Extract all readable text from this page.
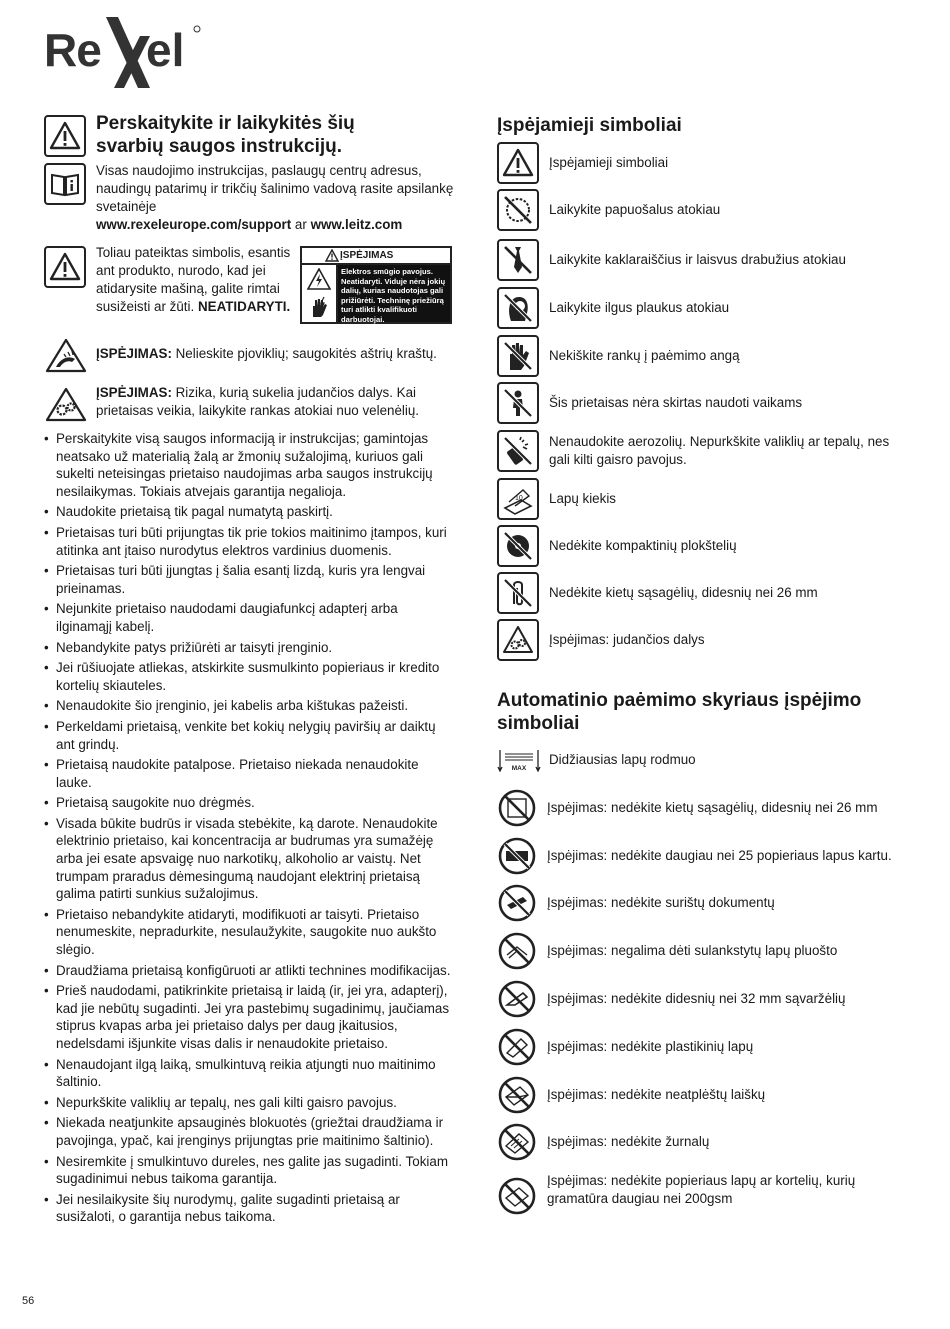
Re el
Perskaitykite ir laikykitės šių svarbių saugos instrukcijų.
Visas naudojimo instrukcijas, paslaugų centrų adresus, naudingų patarimų ir trikčių šalinimo vadovą rasite apsilankę svetainėje
www.rexeleurope.com/support ar www.leitz.com
Toliau pateiktas simbolis, esantis ant produkto, nurodo, kad jei atidarysite mašiną, galite rimtai susižeisti ar žūti. NEATIDARYTI.
ĮSPĖJIMAS
Elektros smūgio pavojus. Neatidaryti. Viduje nėra jokių dalių, kurias naudotojas gali prižiūrėti. Techninę priežiūrą turi atlikti kvalifikuoti darbuotojai.
ĮSPĖJIMAS: Nelieskite pjoviklių; saugokitės aštrių kraštų.
ĮSPĖJIMAS: Rizika, kurią sukelia judančios dalys. Kai prietaisas veikia, laikykite rankas atokiai nuo velenėlių.
• Perskaitykite visą saugos informaciją ir instrukcijas; gamintojas neatsako už materialią žalą ar žmonių sužalojimą, kuriuos gali sukelti neteisingas prietaiso naudojimas arba saugos instrukcijų nesilaikymas. Tokiais atvejais garantija negalioja.
• Naudokite prietaisą tik pagal numatytą paskirtį.
• Prietaisas turi būti prijungtas tik prie tokios maitinimo įtampos, kuri atitinka ant įtaiso nurodytus elektros vardinius duomenis.
• Prietaisas turi būti įjungtas į šalia esantį lizdą, kuris yra lengvai prieinamas.
• Nejunkite prietaiso naudodami daugiafunkcį adapterį arba ilginamąjį kabelį.
• Nebandykite patys prižiūrėti ar taisyti įrenginio.
• Jei rūšiuojate atliekas, atskirkite susmulkinto popieriaus ir kredito kortelių skiauteles.
• Nenaudokite šio įrenginio, jei kabelis arba kištukas pažeisti.
• Perkeldami prietaisą, venkite bet kokių nelygių paviršių ar daiktų ant grindų.
• Prietaisą naudokite patalpose. Prietaiso niekada nenaudokite lauke.
• Prietaisą saugokite nuo drėgmės.
• Visada būkite budrūs ir visada stebėkite, ką darote. Nenaudokite elektrinio prietaiso, kai koncentracija ar budrumas yra sumažėję arba jei esate apsvaigę nuo narkotikų, alkoholio ar vaistų. Net trumpam praradus dėmesingumą naudojant elektrinį prietaisą galima patirti sunkius sužalojimus.
• Prietaiso nebandykite atidaryti, modifikuoti ar taisyti. Prietaiso nenumeskite, nepradurkite, nesulaužykite, saugokite nuo aukšto slėgio.
• Draudžiama prietaisą konfigūruoti ar atlikti technines modifikacijas.
• Prieš naudodami, patikrinkite prietaisą ir laidą (ir, jei yra, adapterį), kad jie nebūtų sugadinti. Jei yra pastebimų sugadinimų, jaučiamas stiprus kvapas arba jei prietaiso dalys per daug įkaitusios, nedelsdami išjunkite visas dalis ir nenaudokite prietaiso.
• Nenaudojant ilgą laiką, smulkintuvą reikia atjungti nuo maitinimo šaltinio.
• Nepurkškite valiklių ar tepalų, nes gali kilti gaisro pavojus.
• Niekada neatjunkite apsauginės blokuotės (griežtai draudžiama ir pavojinga, ypač, kai įrenginys prijungtas prie maitinimo šaltinio).
• Nesiremkite į smulkintuvo dureles, nes galite jas sugadinti. Tokiam sugadinimui nebus taikoma garantija.
• Jei nesilaikysite šių nurodymų, galite sugadinti prietaisą ar susižaloti, o garantija nebus taikoma.
Įspėjamieji simboliai
Įspėjamieji simboliai
Laikykite papuošalus atokiau
Laikykite kaklaraiščius ir laisvus drabužius atokiau
Laikykite ilgus plaukus atokiau
Nekiškite rankų į paėmimo angą
Šis prietaisas nėra skirtas naudoti vaikams
Nenaudokite aerozolių. Nepurkškite valiklių ar tepalų, nes gali kilti gaisro pavojus.
10 Lapų kiekis
Nedėkite kompaktinių plokštelių
Nedėkite kietų sąsagėlių, didesnių nei 26 mm
Įspėjimas: judančios dalys
Automatinio paėmimo skyriaus įspėjimo simboliai
MAX
Didžiausias lapų rodmuo
Įspėjimas: nedėkite kietų sąsagėlių, didesnių nei 26 mm
Įspėjimas: nedėkite daugiau nei 25 popieriaus lapus kartu.
Įspėjimas: nedėkite surištų dokumentų
Įspėjimas: negalima dėti sulankstytų lapų pluošto
Įspėjimas: nedėkite didesnių nei 32 mm sąvaržėlių
Įspėjimas: nedėkite plastikinių lapų
Įspėjimas: nedėkite neatplėštų laiškų
Įspėjimas: nedėkite žurnalų
Įspėjimas: nedėkite popieriaus lapų ar kortelių, kurių gramatūra daugiau nei 200gsm
56
